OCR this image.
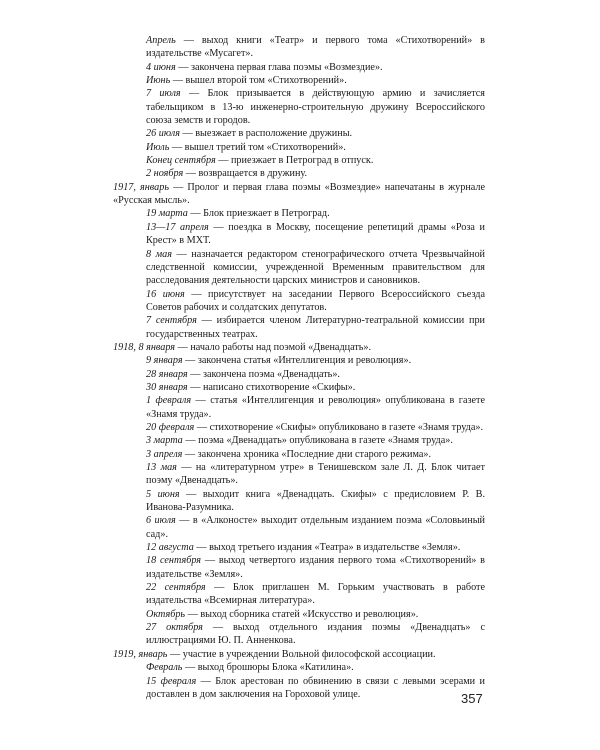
Апрель — выход книги «Театр» и первого тома «Стихотворений» в издательстве «Мусагет».

4 июня — закончена первая глава поэмы «Возмездие».

Июнь — вышел второй том «Стихотворений».

7 июля — Блок призывается в действующую армию и зачисляется табельщиком в 13-ю инженерно-строительную дружину Всероссийского союза земств и городов.

26 июля — выезжает в расположение дружины.

Июль — вышел третий том «Стихотворений».

Конец сентября — приезжает в Петроград в отпуск.

2 ноября — возвращается в дружину.

1917, январь — Пролог и первая глава поэмы «Возмездие» напечатаны в журнале «Русская мысль».

19 марта — Блок приезжает в Петроград.

13—17 апреля — поездка в Москву, посещение репетиций драмы «Роза и Крест» в МХТ.

8 мая — назначается редактором стенографического отчета Чрезвычайной следственной комиссии, учрежденной Временным правительством для расследования деятельности царских министров и сановников.

16 июня — присутствует на заседании Первого Всероссийского съезда Советов рабочих и солдатских депутатов.

7 сентября — избирается членом Литературно-театральной комиссии при государственных театрах.

1918, 8 января — начало работы над поэмой «Двенадцать».

9 января — закончена статья «Интеллигенция и революция».

28 января — закончена поэма «Двенадцать».

30 января — написано стихотворение «Скифы».

1 февраля — статья «Интеллигенция и революция» опубликована в газете «Знамя труда».

20 февраля — стихотворение «Скифы» опубликовано в газете «Знамя труда».

3 марта — поэма «Двенадцать» опубликована в газете «Знамя труда».

3 апреля — закончена хроника «Последние дни старого режима».

13 мая — на «литературном утре» в Тенишевском зале Л. Д. Блок читает поэму «Двенадцать».

5 июня — выходит книга «Двенадцать. Скифы» с предисловием Р. В. Иванова-Разумника.

6 июля — в «Алконосте» выходит отдельным изданием поэма «Соловьиный сад».

12 августа — выход третьего издания «Театра» в издательстве «Земля».

18 сентября — выход четвертого издания первого тома «Стихотворений» в издательстве «Земля».

22 сентября — Блок приглашен М. Горьким участвовать в работе издательства «Всемирная литература».

Октябрь — выход сборника статей «Искусство и революция».

27 октября — выход отдельного издания поэмы «Двенадцать» с иллюстрациями Ю. П. Анненкова.

1919, январь — участие в учреждении Вольной философской ассоциации.

Февраль — выход брошюры Блока «Катилина».

15 февраля — Блок арестован по обвинению в связи с левыми эсерами и доставлен в дом заключения на Гороховой улице.	357
